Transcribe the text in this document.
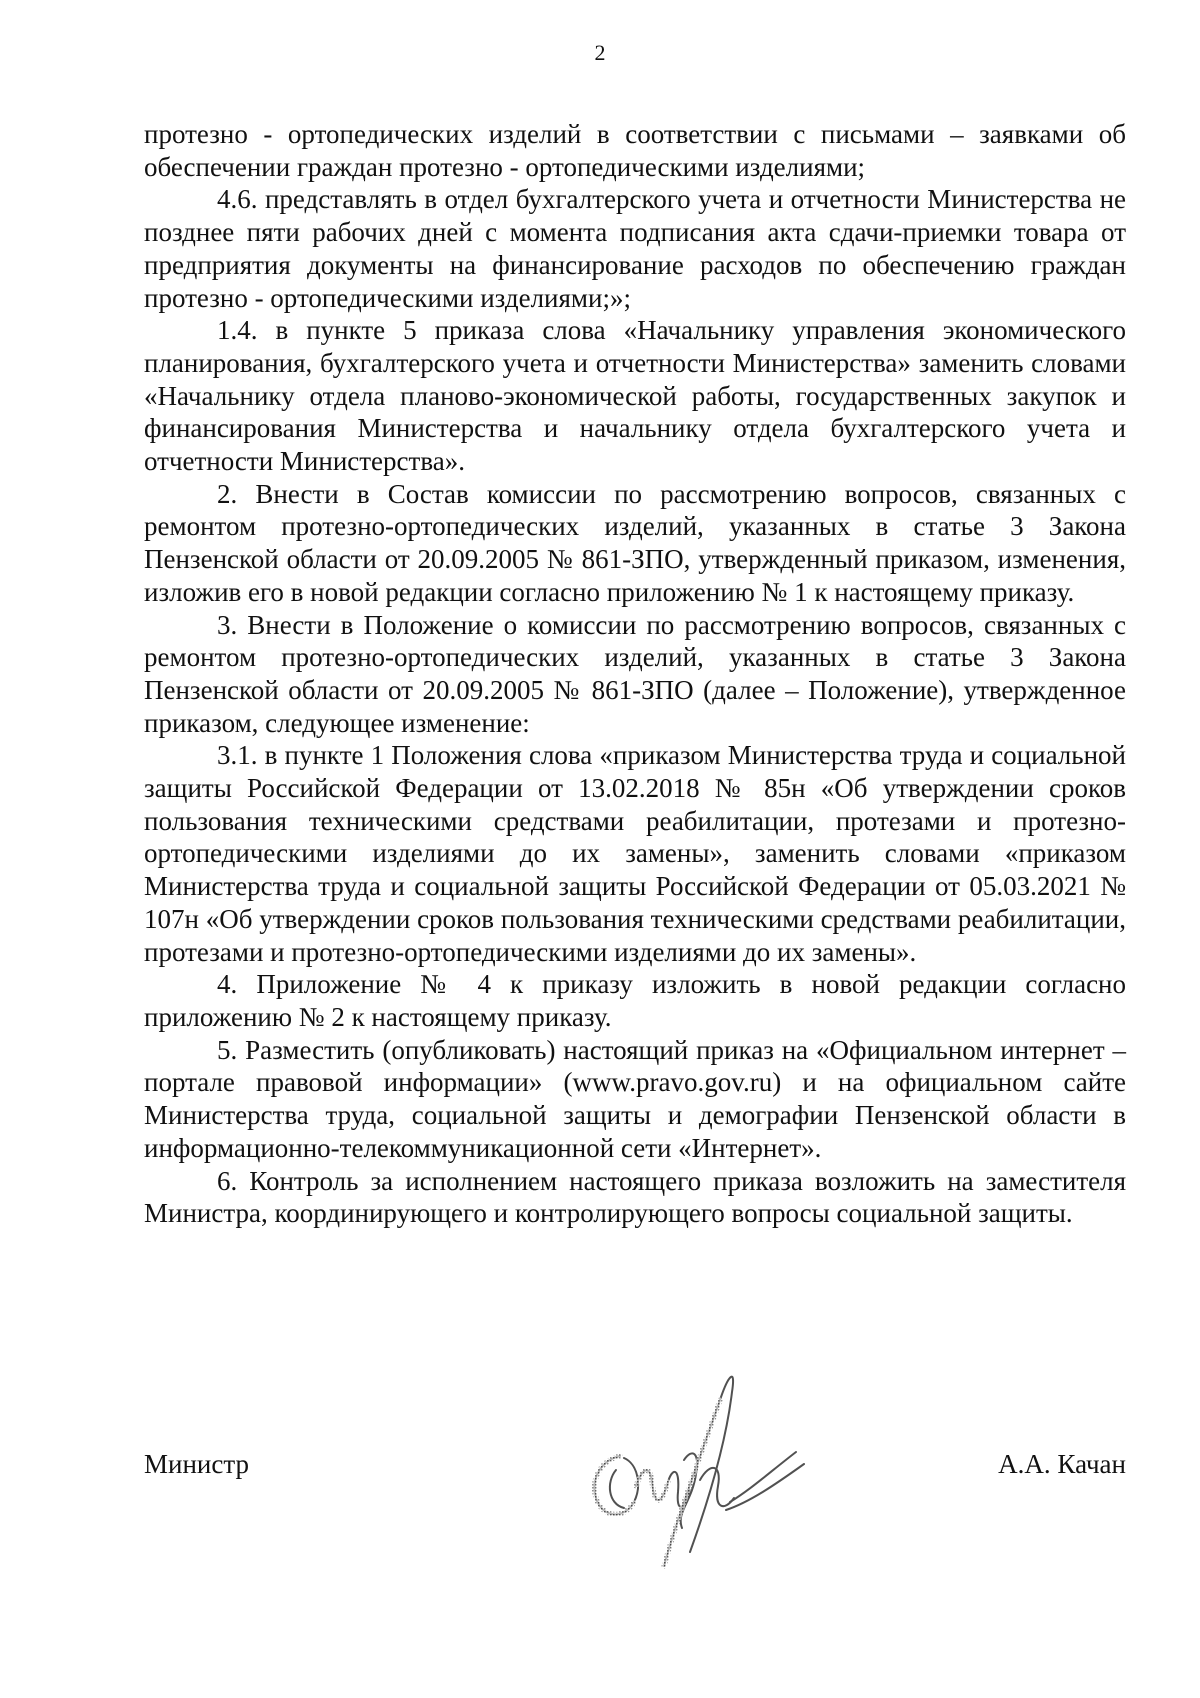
2

протезно - ортопедических изделий в соответствии с письмами – заявками об обеспечении граждан протезно - ортопедическими изделиями;

4.6. представлять в отдел бухгалтерского учета и отчетности Министерства не позднее пяти рабочих дней с момента подписания акта сдачи-приемки товара от предприятия документы на финансирование расходов по обеспечению граждан протезно - ортопедическими изделиями;»;

1.4. в пункте 5 приказа слова «Начальнику управления экономического планирования, бухгалтерского учета и отчетности Министерства» заменить словами «Начальнику отдела планово-экономической работы, государственных закупок и финансирования Министерства и начальнику отдела бухгалтерского учета и отчетности Министерства».

2. Внести в Состав комиссии по рассмотрению вопросов, связанных с ремонтом протезно-ортопедических изделий, указанных в статье 3 Закона Пензенской области от 20.09.2005 № 861-ЗПО, утвержденный приказом, изменения, изложив его в новой редакции согласно приложению № 1 к настоящему приказу.

3. Внести в Положение о комиссии по рассмотрению вопросов, связанных с ремонтом протезно-ортопедических изделий, указанных в статье 3 Закона Пензенской области от 20.09.2005 № 861-ЗПО (далее – Положение), утвержденное приказом, следующее изменение:

3.1. в пункте 1 Положения слова «приказом Министерства труда и социальной защиты Российской Федерации от 13.02.2018 № 85н «Об утверждении сроков пользования техническими средствами реабилитации, протезами и протезно-ортопедическими изделиями до их замены», заменить словами «приказом Министерства труда и социальной защиты Российской Федерации от 05.03.2021 № 107н «Об утверждении сроков пользования техническими средствами реабилитации, протезами и протезно-ортопедическими изделиями до их замены».

4. Приложение № 4 к приказу изложить в новой редакции согласно приложению № 2 к настоящему приказу.

5. Разместить (опубликовать) настоящий приказ на «Официальном интернет – портале правовой информации» (www.pravo.gov.ru) и на официальном сайте Министерства труда, социальной защиты и демографии Пензенской области в информационно-телекоммуникационной сети «Интернет».

6. Контроль за исполнением настоящего приказа возложить на заместителя Министра, координирующего и контролирующего вопросы социальной защиты.

Министр	А.А. Качан
